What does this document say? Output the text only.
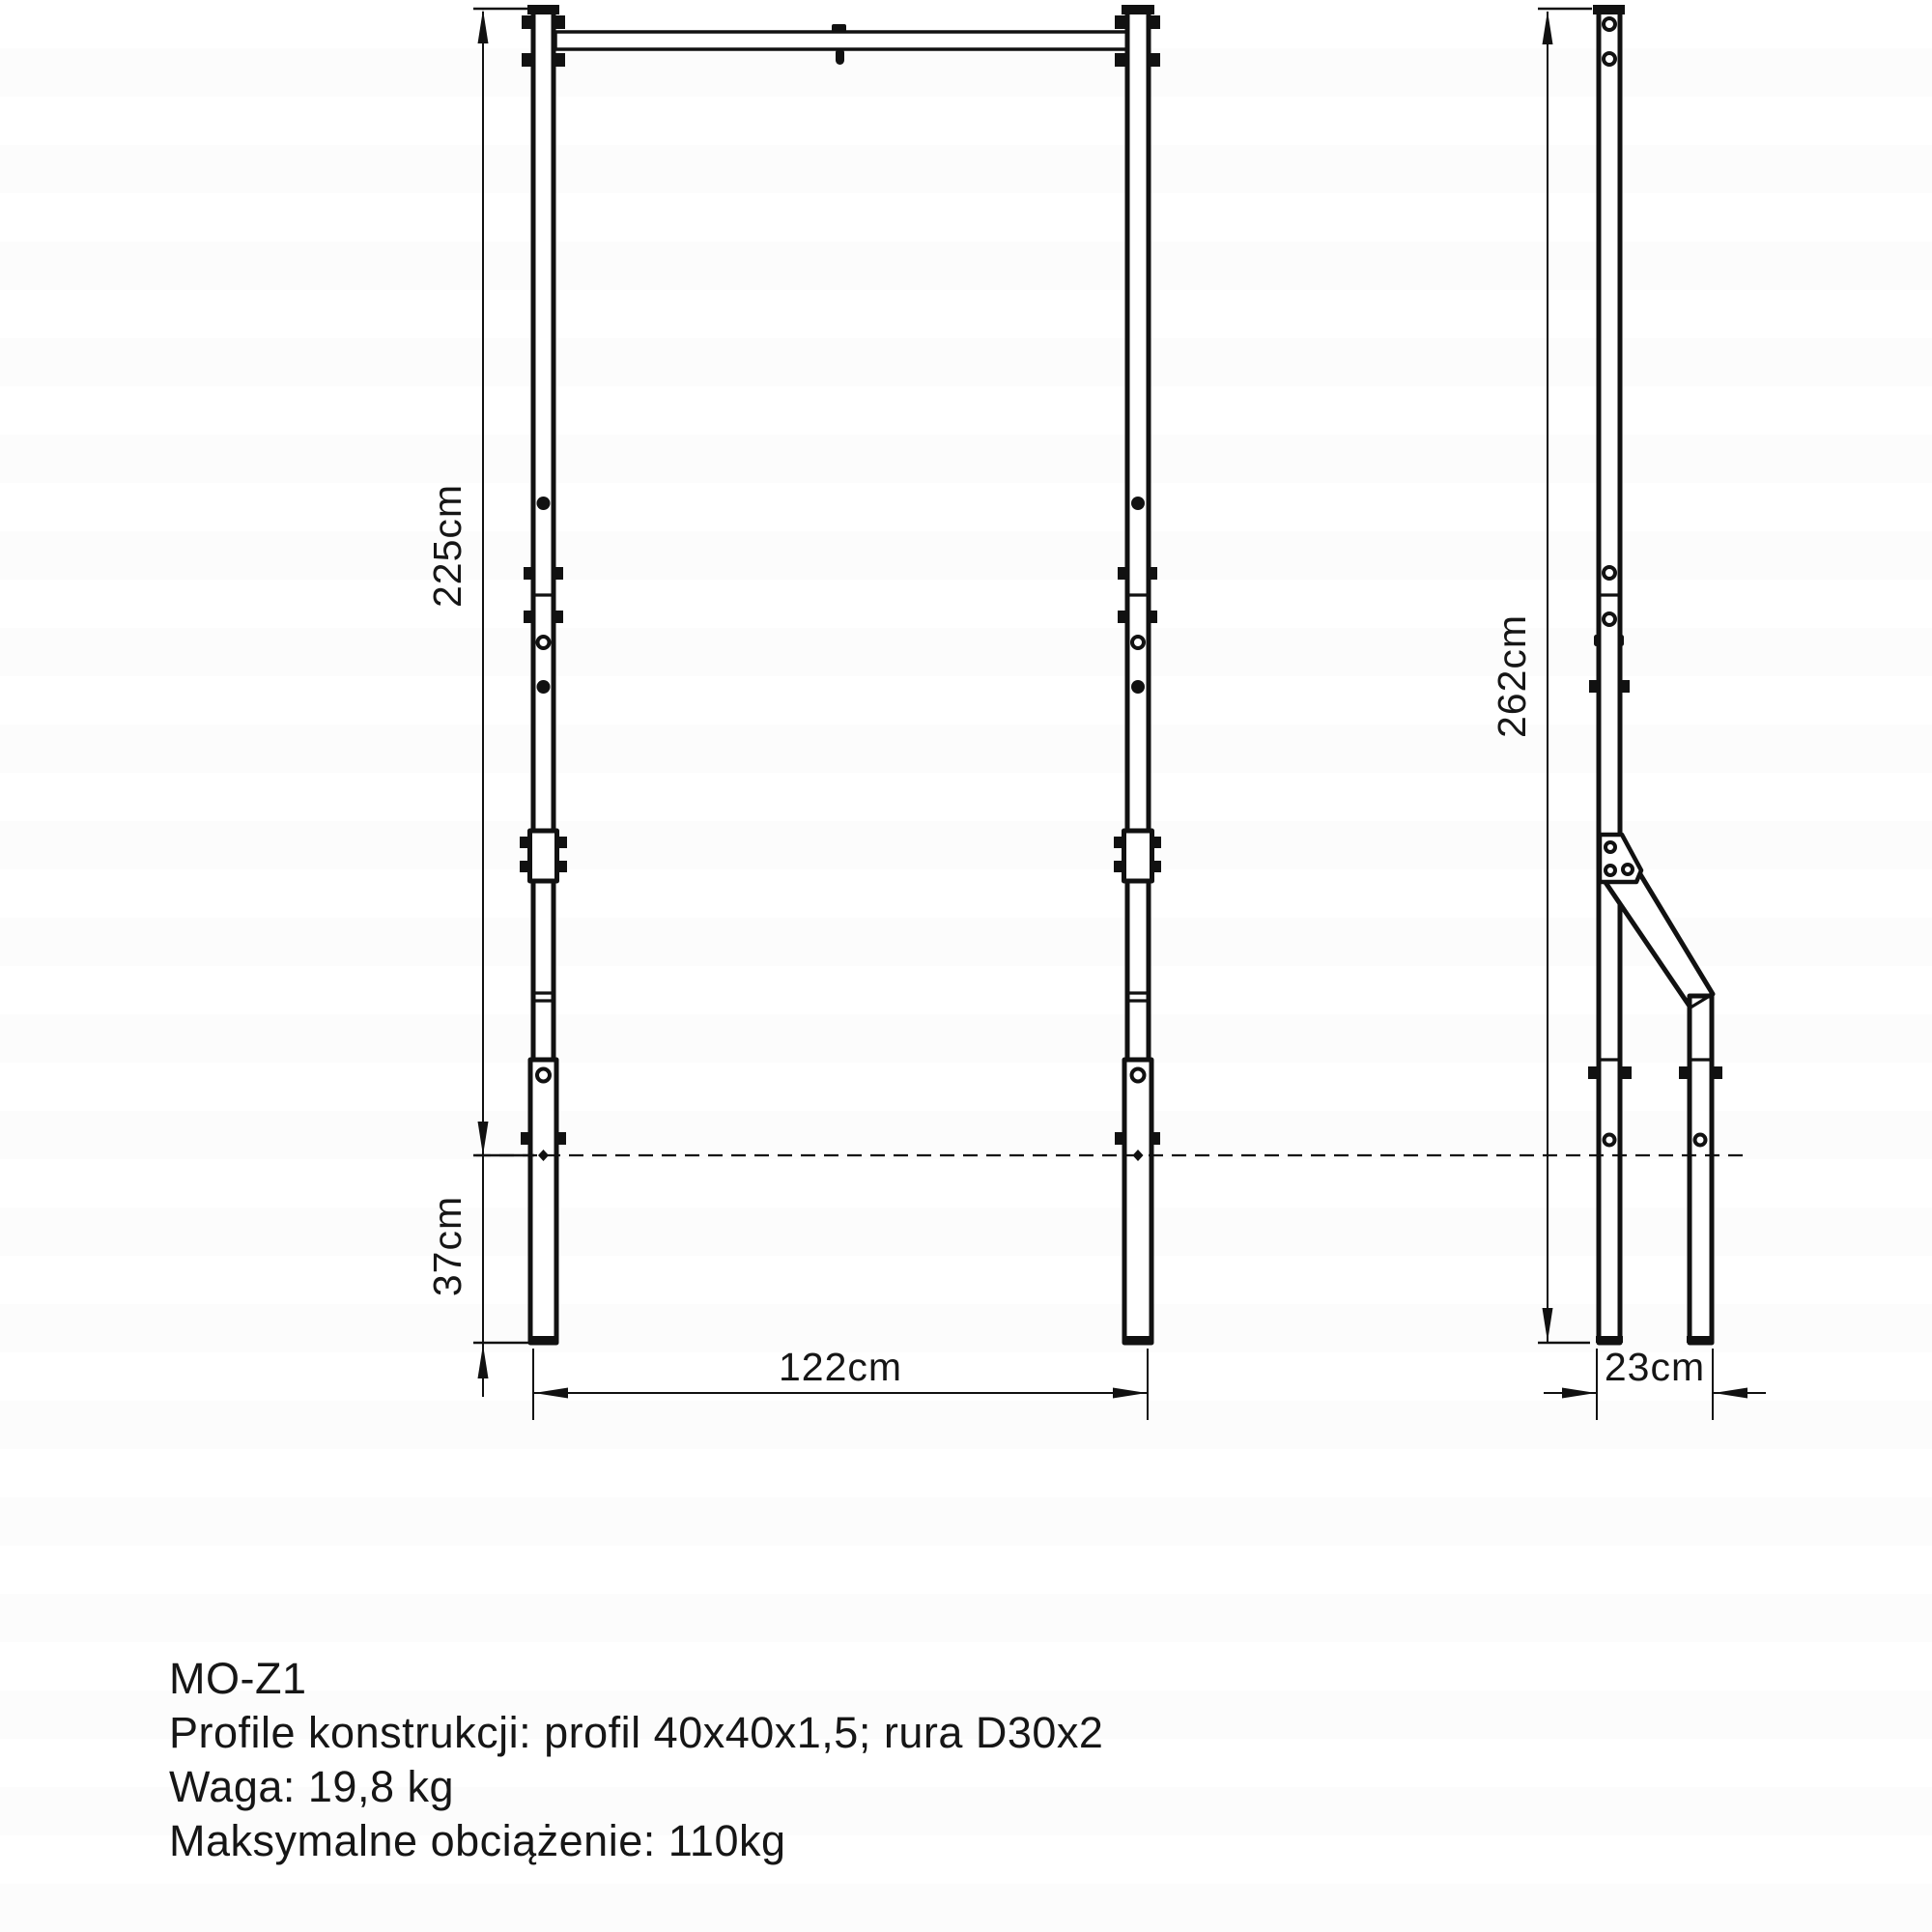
225cm
37cm
122cm
262cm
23cm
MO-Z1
Profile konstrukcji: profil 40x40x1,5; rura D30x2
Waga: 19,8 kg
Maksymalne obciążenie: 110kg
